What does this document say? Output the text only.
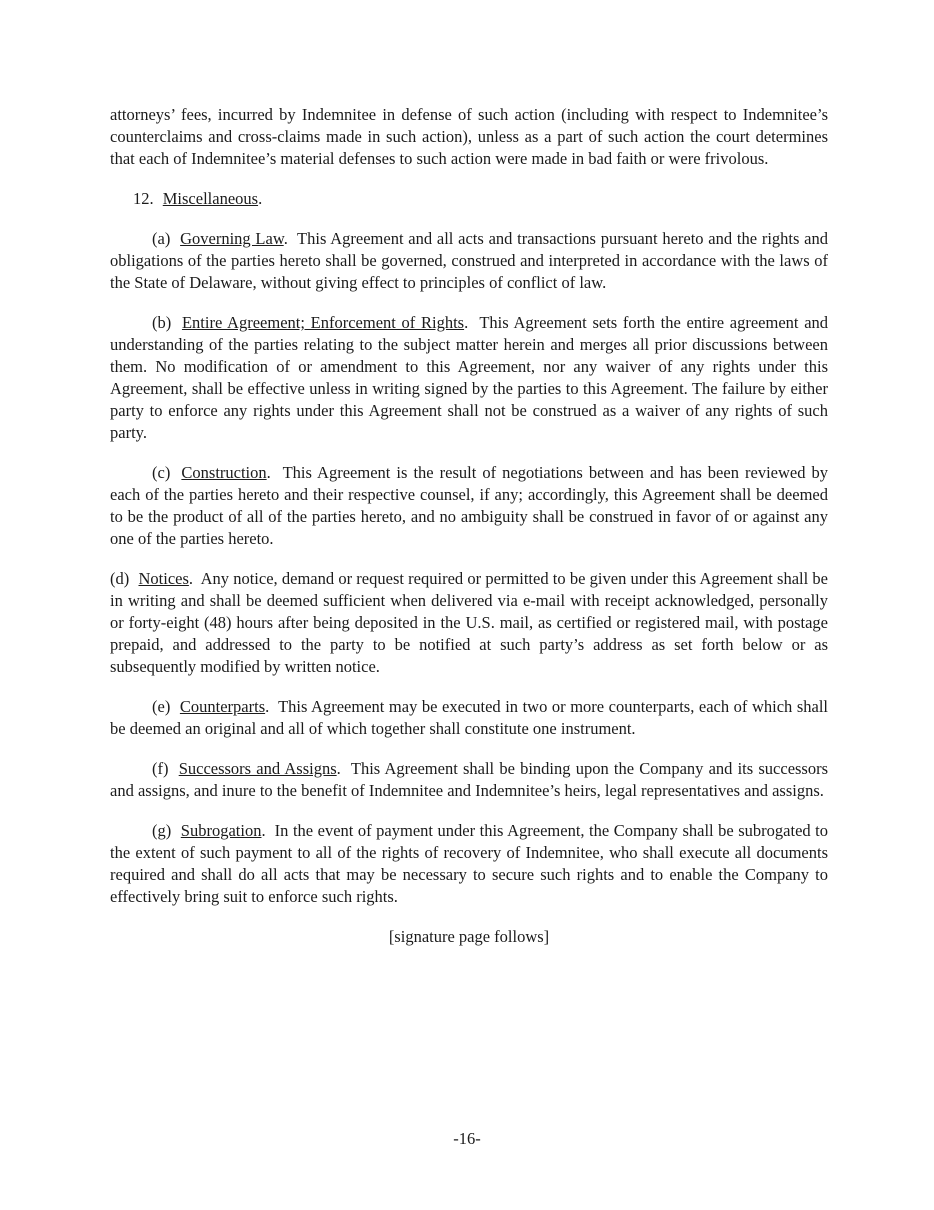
attorneys’ fees, incurred by Indemnitee in defense of such action (including with respect to Indemnitee’s counterclaims and cross-claims made in such action), unless as a part of such action the court determines that each of Indemnitee’s material defenses to such action were made in bad faith or were frivolous.

12. Miscellaneous.

(a) Governing Law. This Agreement and all acts and transactions pursuant hereto and the rights and obligations of the parties hereto shall be governed, construed and interpreted in accordance with the laws of the State of Delaware, without giving effect to principles of conflict of law.

(b) Entire Agreement; Enforcement of Rights. This Agreement sets forth the entire agreement and understanding of the parties relating to the subject matter herein and merges all prior discussions between them. No modification of or amendment to this Agreement, nor any waiver of any rights under this Agreement, shall be effective unless in writing signed by the parties to this Agreement. The failure by either party to enforce any rights under this Agreement shall not be construed as a waiver of any rights of such party.

(c) Construction. This Agreement is the result of negotiations between and has been reviewed by each of the parties hereto and their respective counsel, if any; accordingly, this Agreement shall be deemed to be the product of all of the parties hereto, and no ambiguity shall be construed in favor of or against any one of the parties hereto.

(d) Notices. Any notice, demand or request required or permitted to be given under this Agreement shall be in writing and shall be deemed sufficient when delivered via e-mail with receipt acknowledged, personally or forty-eight (48) hours after being deposited in the U.S. mail, as certified or registered mail, with postage prepaid, and addressed to the party to be notified at such party’s address as set forth below or as subsequently modified by written notice.

(e) Counterparts. This Agreement may be executed in two or more counterparts, each of which shall be deemed an original and all of which together shall constitute one instrument.

(f) Successors and Assigns. This Agreement shall be binding upon the Company and its successors and assigns, and inure to the benefit of Indemnitee and Indemnitee’s heirs, legal representatives and assigns.

(g) Subrogation. In the event of payment under this Agreement, the Company shall be subrogated to the extent of such payment to all of the rights of recovery of Indemnitee, who shall execute all documents required and shall do all acts that may be necessary to secure such rights and to enable the Company to effectively bring suit to enforce such rights.

[signature page follows]

-16-
